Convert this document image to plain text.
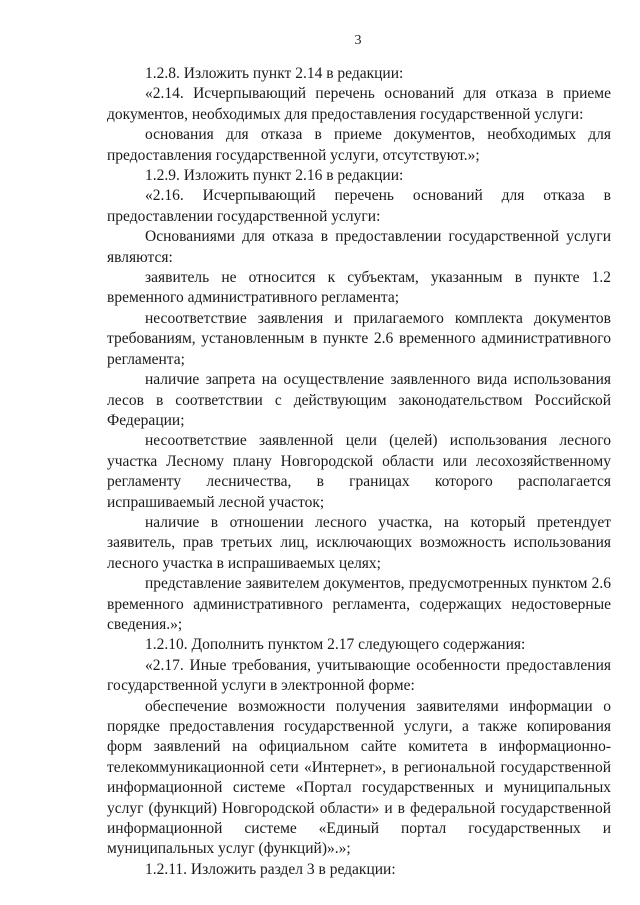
3

1.2.8. Изложить пункт 2.14 в редакции:

«2.14. Исчерпывающий перечень оснований для отказа в приеме документов, необходимых для предоставления государственной услуги:

основания для отказа в приеме документов, необходимых для предоставления государственной услуги, отсутствуют.»;

1.2.9. Изложить пункт 2.16 в редакции:

«2.16. Исчерпывающий перечень оснований для отказа в предоставлении государственной услуги:

Основаниями для отказа в предоставлении государственной услуги являются:

заявитель не относится к субъектам, указанным в пункте 1.2 временного административного регламента;

несоответствие заявления и прилагаемого комплекта документов требованиям, установленным в пункте 2.6 временного административного регламента;

наличие запрета на осуществление заявленного вида использования лесов в соответствии с действующим законодательством Российской Федерации;

несоответствие заявленной цели (целей) использования лесного участка Лесному плану Новгородской области или лесохозяйственному регламенту лесничества, в границах которого располагается испрашиваемый лесной участок;

наличие в отношении лесного участка, на который претендует заявитель, прав третьих лиц, исключающих возможность использования лесного участка в испрашиваемых целях;

представление заявителем документов, предусмотренных пунктом 2.6 временного административного регламента, содержащих недостоверные сведения.»;

1.2.10. Дополнить пунктом 2.17 следующего содержания:

«2.17. Иные требования, учитывающие особенности предоставления государственной услуги в электронной форме:

обеспечение возможности получения заявителями информации о порядке предоставления государственной услуги, а также копирования форм заявлений на официальном сайте комитета в информационно-телекоммуникационной сети «Интернет», в региональной государственной информационной системе «Портал государственных и муниципальных услуг (функций) Новгородской области» и в федеральной государственной информационной системе «Единый портал государственных и муниципальных услуг (функций)».»;

1.2.11. Изложить раздел 3 в редакции:
